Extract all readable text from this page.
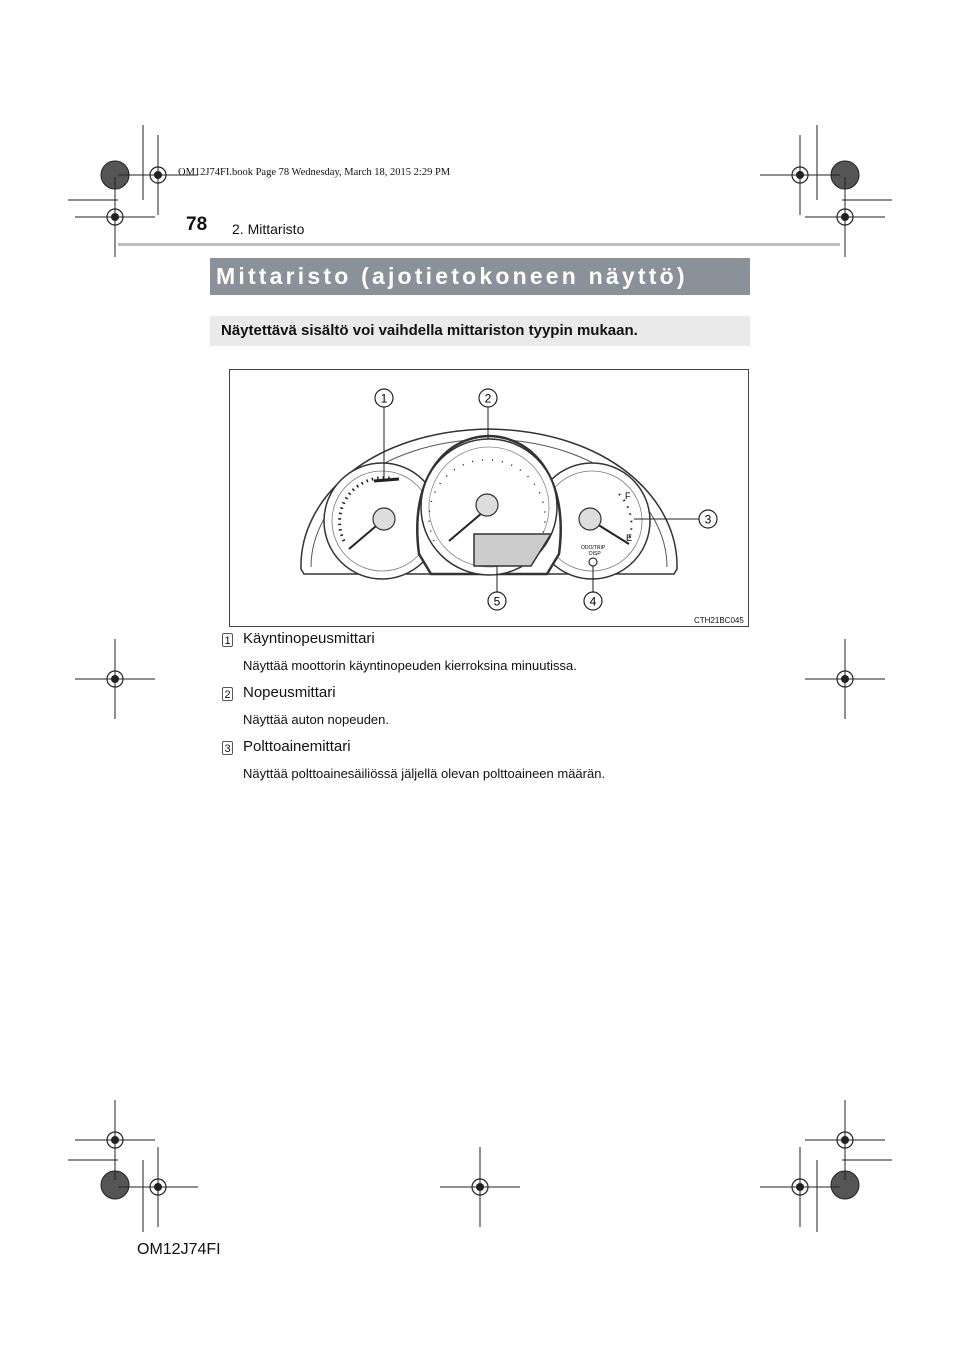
OM12J74FI.book Page 78 Wednesday, March 18, 2015 2:29 PM
78 2. Mittaristo
Mittaristo (ajotietokoneen näyttö)
Näytettävä sisältö voi vaihdella mittariston tyypin mukaan.
F
E
ODO/TRIP
DISP
1	2
3
4
5
CTH21BC045
1 Käyntinopeusmittari
Näyttää moottorin käyntinopeuden kierroksina minuutissa.
2 Nopeusmittari
Näyttää auton nopeuden.
3 Polttoainemittari
Näyttää polttoainesäiliössä jäljellä olevan polttoaineen määrän.
OM12J74FI
